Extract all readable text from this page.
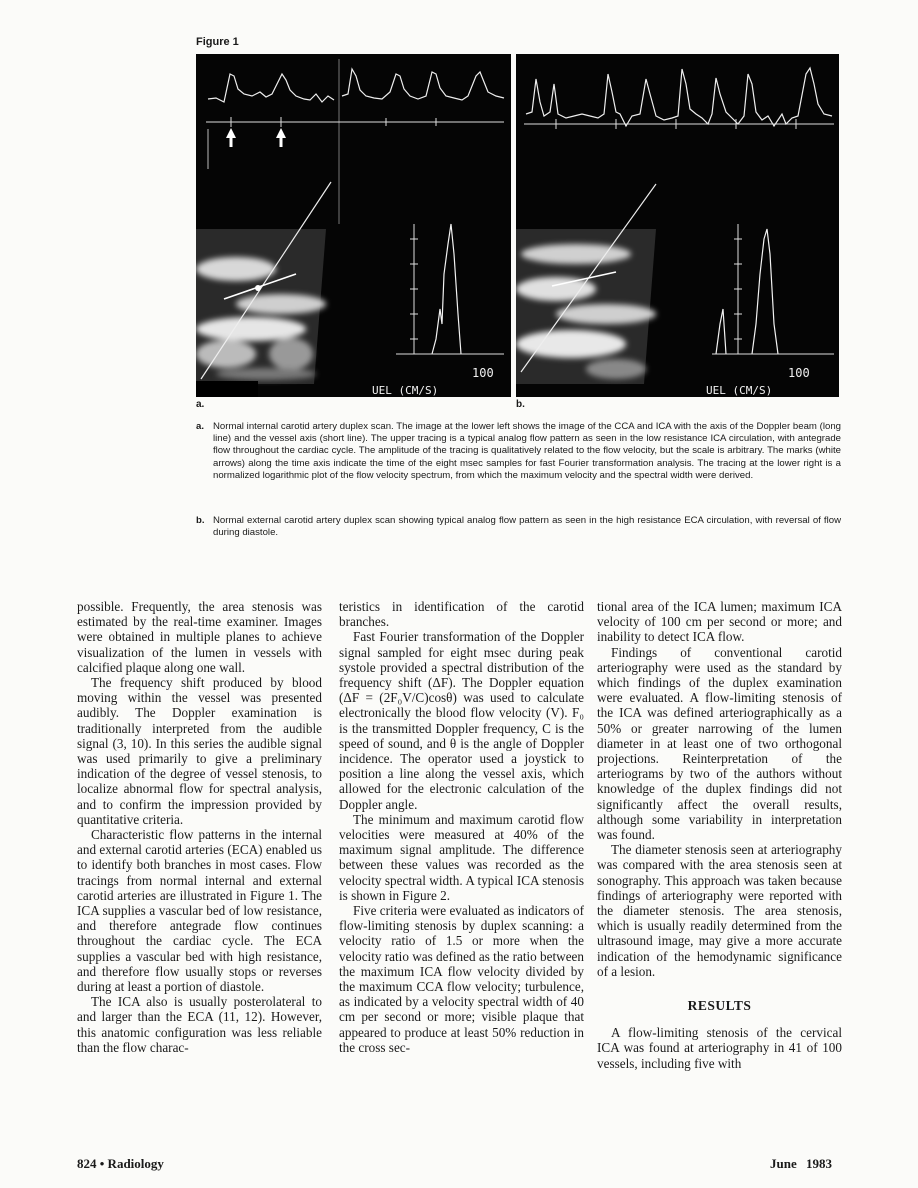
Figure 1
100
UEL (CM/S)
100
UEL (CM/S)
a.	b.
a. Normal internal carotid artery duplex scan. The image at the lower left shows the image of the CCA and ICA with the axis of the Doppler beam (long line) and the vessel axis (short line). The upper tracing is a typical analog flow pattern as seen in the low resistance ICA circulation, with antegrade flow throughout the cardiac cycle. The amplitude of the tracing is qualitatively related to the flow velocity, but the scale is arbitrary. The marks (white arrows) along the time axis indicate the time of the eight msec samples for fast Fourier transformation analysis. The tracing at the lower right is a normalized logarithmic plot of the flow velocity spectrum, from which the maximum velocity and the spectral width were derived.
b. Normal external carotid artery duplex scan showing typical analog flow pattern as seen in the high resistance ECA circulation, with reversal of flow during diastole.

possible. Frequently, the area stenosis was estimated by the real-time examiner. Images were obtained in multiple planes to achieve visualization of the lumen in vessels with calcified plaque along one wall.

The frequency shift produced by blood moving within the vessel was presented audibly. The Doppler examination is traditionally interpreted from the audible signal (3, 10). In this series the audible signal was used primarily to give a preliminary indication of the degree of vessel stenosis, to localize abnormal flow for spectral analysis, and to confirm the impression provided by quantitative criteria.

Characteristic flow patterns in the internal and external carotid arteries (ECA) enabled us to identify both branches in most cases. Flow tracings from normal internal and external carotid arteries are illustrated in Figure 1. The ICA supplies a vascular bed of low resistance, and therefore antegrade flow continues throughout the cardiac cycle. The ECA supplies a vascular bed with high resistance, and therefore flow usually stops or reverses during at least a portion of diastole.

The ICA also is usually posterolateral to and larger than the ECA (11, 12). However, this anatomic configuration was less reliable than the flow charac-

teristics in identification of the carotid branches.

Fast Fourier transformation of the Doppler signal sampled for eight msec during peak systole provided a spectral distribution of the frequency shift (ΔF). The Doppler equation (ΔF = (2F₀V/C)cosθ) was used to calculate electronically the blood flow velocity (V). F₀ is the transmitted Doppler frequency, C is the speed of sound, and θ is the angle of Doppler incidence. The operator used a joystick to position a line along the vessel axis, which allowed for the electronic calculation of the Doppler angle.

The minimum and maximum carotid flow velocities were measured at 40% of the maximum signal amplitude. The difference between these values was recorded as the velocity spectral width. A typical ICA stenosis is shown in Figure 2.

Five criteria were evaluated as indicators of flow-limiting stenosis by duplex scanning: a velocity ratio of 1.5 or more when the velocity ratio was defined as the ratio between the maximum ICA flow velocity divided by the maximum CCA flow velocity; turbulence, as indicated by a velocity spectral width of 40 cm per second or more; visible plaque that appeared to produce at least 50% reduction in the cross sec-

tional area of the ICA lumen; maximum ICA velocity of 100 cm per second or more; and inability to detect ICA flow.

Findings of conventional carotid arteriography were used as the standard by which findings of the duplex examination were evaluated. A flow-limiting stenosis of the ICA was defined arteriographically as a 50% or greater narrowing of the lumen diameter in at least one of two orthogonal projections. Reinterpretation of the arteriograms by two of the authors without knowledge of the duplex findings did not significantly affect the overall results, although some variability in interpretation was found.

The diameter stenosis seen at arteriography was compared with the area stenosis seen at sonography. This approach was taken because findings of arteriography were reported with the diameter stenosis. The area stenosis, which is usually readily determined from the ultrasound image, may give a more accurate indication of the hemodynamic significance of a lesion.

RESULTS

A flow-limiting stenosis of the cervical ICA was found at arteriography in 41 of 100 vessels, including five with

824 • Radiology	June 1983
